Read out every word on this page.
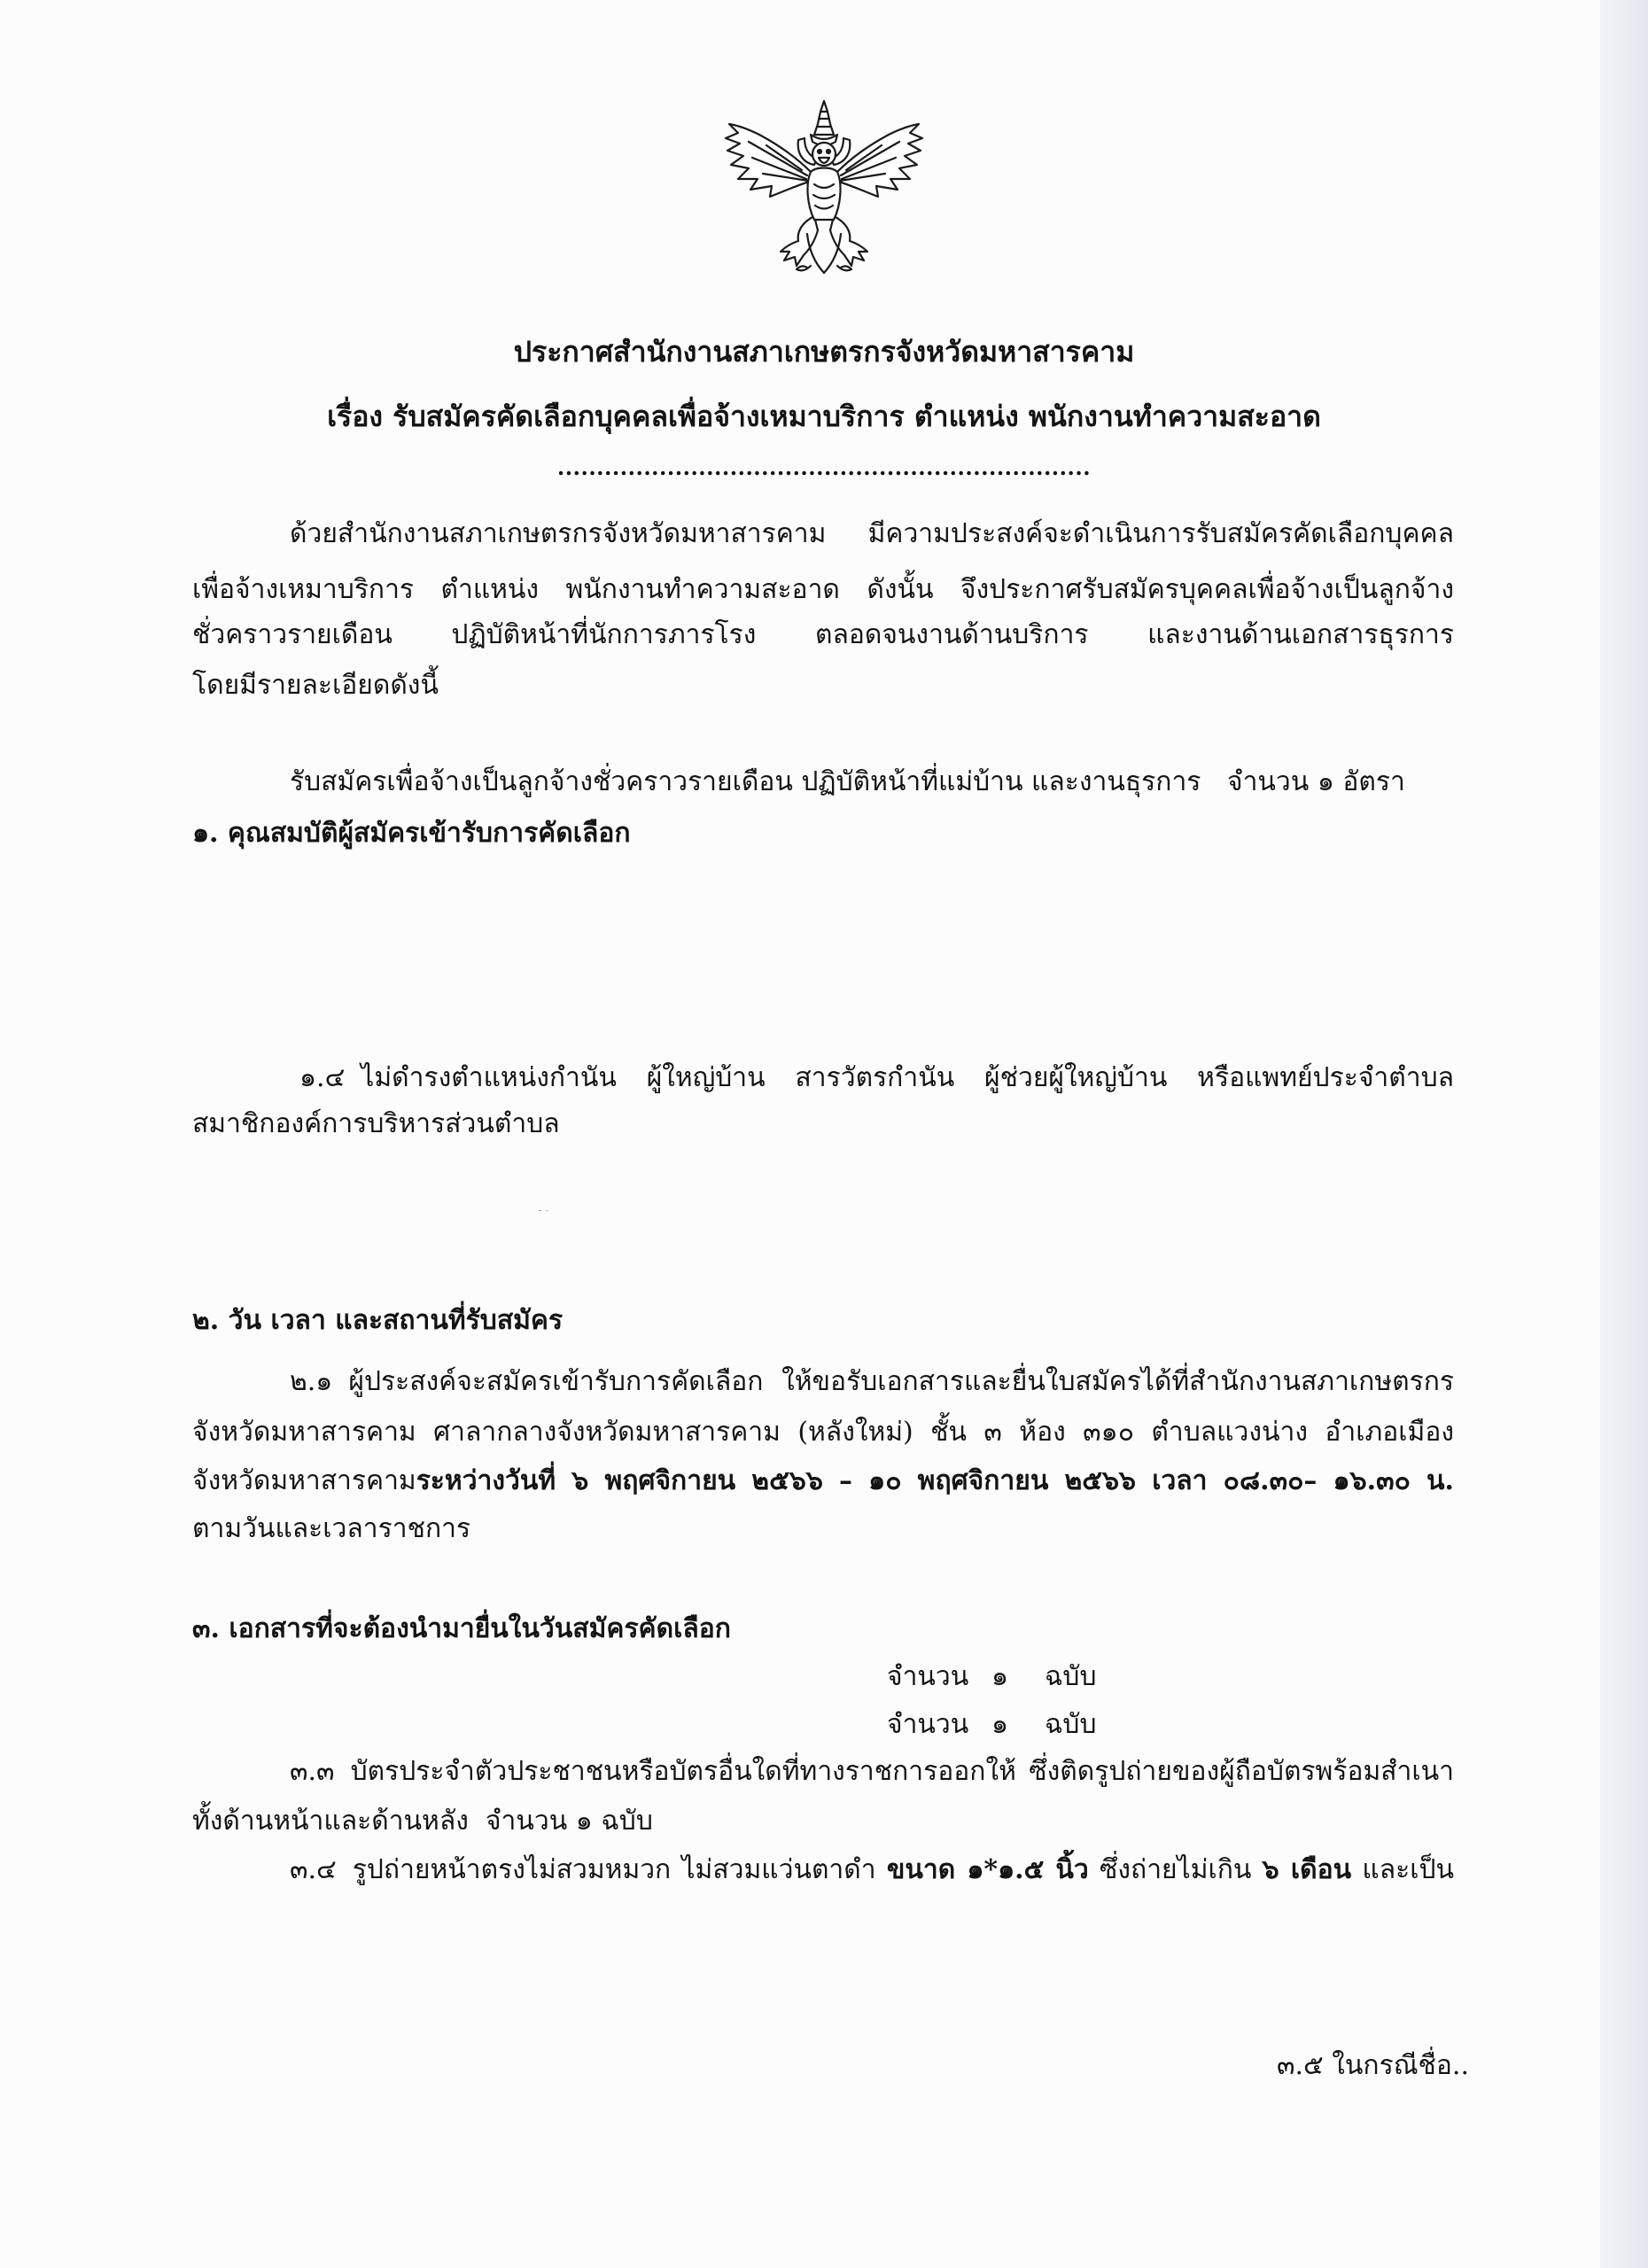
ประกาศสำนักงานสภาเกษตรกรจังหวัดมหาสารคาม
เรื่อง รับสมัครคัดเลือกบุคคลเพื่อจ้างเหมาบริการ ตำแหน่ง พนักงานทำความสะอาด
....................................................................
ด้วยสำนักงานสภาเกษตรกรจังหวัดมหาสารคาม มีความประสงค์จะดำเนินการรับสมัครคัดเลือกบุคคล
เพื่อจ้างเหมาบริการ ตำแหน่ง พนักงานทำความสะอาด ดังนั้น จึงประกาศรับสมัครบุคคลเพื่อจ้างเป็นลูกจ้าง
ชั่วคราวรายเดือน ปฏิบัติหน้าที่นักการภารโรง ตลอดจนงานด้านบริการ และงานด้านเอกสารธุรการ
โดยมีรายละเอียดดังนี้

รับสมัครเพื่อจ้างเป็นลูกจ้างชั่วคราวรายเดือน ปฏิบัติหน้าที่แม่บ้าน และงานธุรการ จำนวน ๑ อัตรา
๑. คุณสมบัติผู้สมัครเข้ารับการคัดเลือก

๑.๔ ไม่ดำรงตำแหน่งกำนัน ผู้ใหญ่บ้าน สารวัตรกำนัน ผู้ช่วยผู้ใหญ่บ้าน หรือแพทย์ประจำตำบล
สมาชิกองค์การบริหารส่วนตำบล

๒. วัน เวลา และสถานที่รับสมัคร
๒.๑ ผู้ประสงค์จะสมัครเข้ารับการคัดเลือก ให้ขอรับเอกสารและยื่นใบสมัครได้ที่สำนักงานสภาเกษตรกร
จังหวัดมหาสารคาม ศาลากลางจังหวัดมหาสารคาม (หลังใหม่) ชั้น ๓ ห้อง ๓๑๐ ตำบลแวงน่าง อำเภอเมือง
จังหวัดมหาสารคามระหว่างวันที่ ๖ พฤศจิกายน ๒๕๖๖ – ๑๐ พฤศจิกายน ๒๕๖๖ เวลา ๐๘.๓๐– ๑๖.๓๐ น.
ตามวันและเวลาราชการ

๓. เอกสารที่จะต้องนำมายื่นในวันสมัครคัดเลือก

จำนวน ๑	ฉบับ

จำนวน ๑	ฉบับ
๓.๓ บัตรประจำตัวประชาชนหรือบัตรอื่นใดที่ทางราชการออกให้ ซึ่งติดรูปถ่ายของผู้ถือบัตรพร้อมสำเนา
ทั้งด้านหน้าและด้านหลัง  จำนวน ๑ ฉบับ
๓.๔ รูปถ่ายหน้าตรงไม่สวมหมวก ไม่สวมแว่นตาดำ ขนาด ๑*๑.๕ นิ้ว ซึ่งถ่ายไม่เกิน ๖ เดือน และเป็น

๓.๕ ในกรณีชื่อ..
